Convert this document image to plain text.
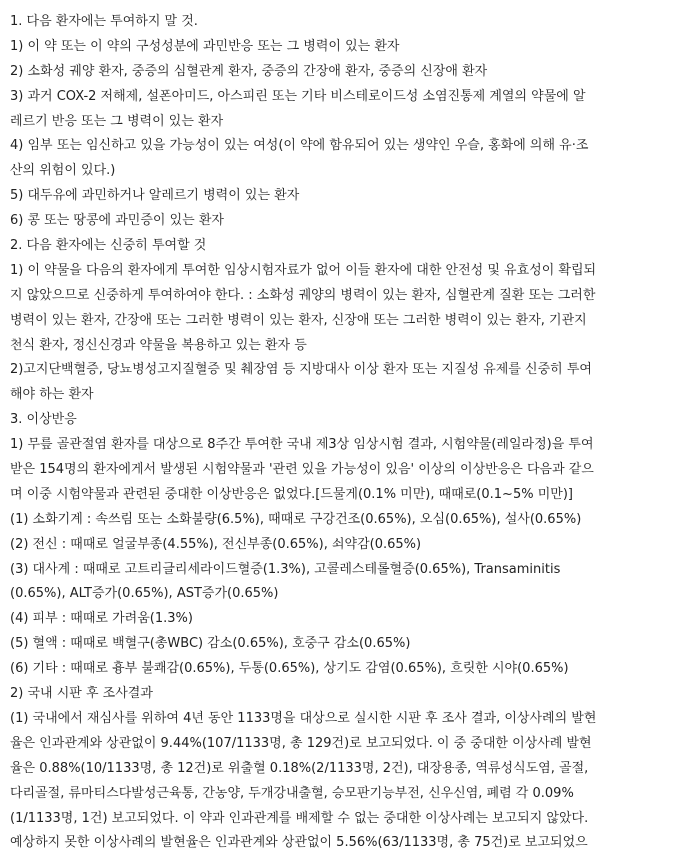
1. 다음 환자에는 투여하지 말 것.
1) 이 약 또는 이 약의 구성성분에 과민반응 또는 그 병력이 있는 환자
2) 소화성 궤양 환자, 중증의 심혈관계 환자, 중증의 간장애 환자, 중증의 신장애 환자
3) 과거 COX-2 저해제, 설폰아미드, 아스피린 또는 기타 비스테로이드성 소염진통제 계열의 약물에 알
레르기 반응 또는 그 병력이 있는 환자
4) 임부 또는 임신하고 있을 가능성이 있는 여성(이 약에 함유되어 있는 생약인 우슬, 홍화에 의해 유·조
산의 위험이 있다.)
5) 대두유에 과민하거나 알레르기 병력이 있는 환자
6) 콩 또는 땅콩에 과민증이 있는 환자
2. 다음 환자에는 신중히 투여할 것
1) 이 약물을 다음의 환자에게 투여한 임상시험자료가 없어 이들 환자에 대한 안전성 및 유효성이 확립되
지 않았으므로 신중하게 투여하여야 한다. : 소화성 궤양의 병력이 있는 환자, 심혈관계 질환 또는 그러한
병력이 있는 환자, 간장애 또는 그러한 병력이 있는 환자, 신장애 또는 그러한 병력이 있는 환자, 기관지
천식 환자, 정신신경과 약물을 복용하고 있는 환자 등
2)고지단백혈증, 당뇨병성고지질혈증 및 췌장염 등 지방대사 이상 환자 또는 지질성 유제를 신중히 투여
해야 하는 환자
3. 이상반응
1) 무릎 골관절염 환자를 대상으로 8주간 투여한 국내 제3상 임상시험 결과, 시험약물(레일라정)을 투여
받은 154명의 환자에게서 발생된 시험약물과 '관련 있을 가능성이 있음' 이상의 이상반응은 다음과 같으
며 이중 시험약물과 관련된 중대한 이상반응은 없었다.[드물게(0.1% 미만), 때때로(0.1~5% 미만)]
(1) 소화기계 : 속쓰림 또는 소화불량(6.5%), 때때로 구강건조(0.65%), 오심(0.65%), 설사(0.65%)
(2) 전신 : 때때로 얼굴부종(4.55%), 전신부종(0.65%), 쇠약감(0.65%)
(3) 대사계 : 때때로 고트리글리세라이드혈증(1.3%), 고콜레스테롤혈증(0.65%), Transaminitis
(0.65%), ALT증가(0.65%), AST증가(0.65%)
(4) 피부 : 때때로 가려움(1.3%)
(5) 혈액 : 때때로 백혈구(총WBC) 감소(0.65%), 호중구 감소(0.65%)
(6) 기타 : 때때로 흉부 불쾌감(0.65%), 두통(0.65%), 상기도 감염(0.65%), 흐릿한 시야(0.65%)
2) 국내 시판 후 조사결과
(1) 국내에서 재심사를 위하여 4년 동안 1133명을 대상으로 실시한 시판 후 조사 결과, 이상사례의 발현
율은 인과관계와 상관없이 9.44%(107/1133명, 총 129건)로 보고되었다. 이 중 중대한 이상사례 발현
율은 0.88%(10/1133명, 총 12건)로 위출혈 0.18%(2/1133명, 2건), 대장용종, 역류성식도염, 골절,
다리골절, 류마티스다발성근육통, 간농양, 두개강내출혈, 승모판기능부전, 신우신염, 폐렴 각 0.09%
(1/1133명, 1건) 보고되었다. 이 약과 인과관계를 배제할 수 없는 중대한 이상사례는 보고되지 않았다.
예상하지 못한 이상사례의 발현율은 인과관계와 상관없이 5.56%(63/1133명, 총 75건)로 보고되었으
